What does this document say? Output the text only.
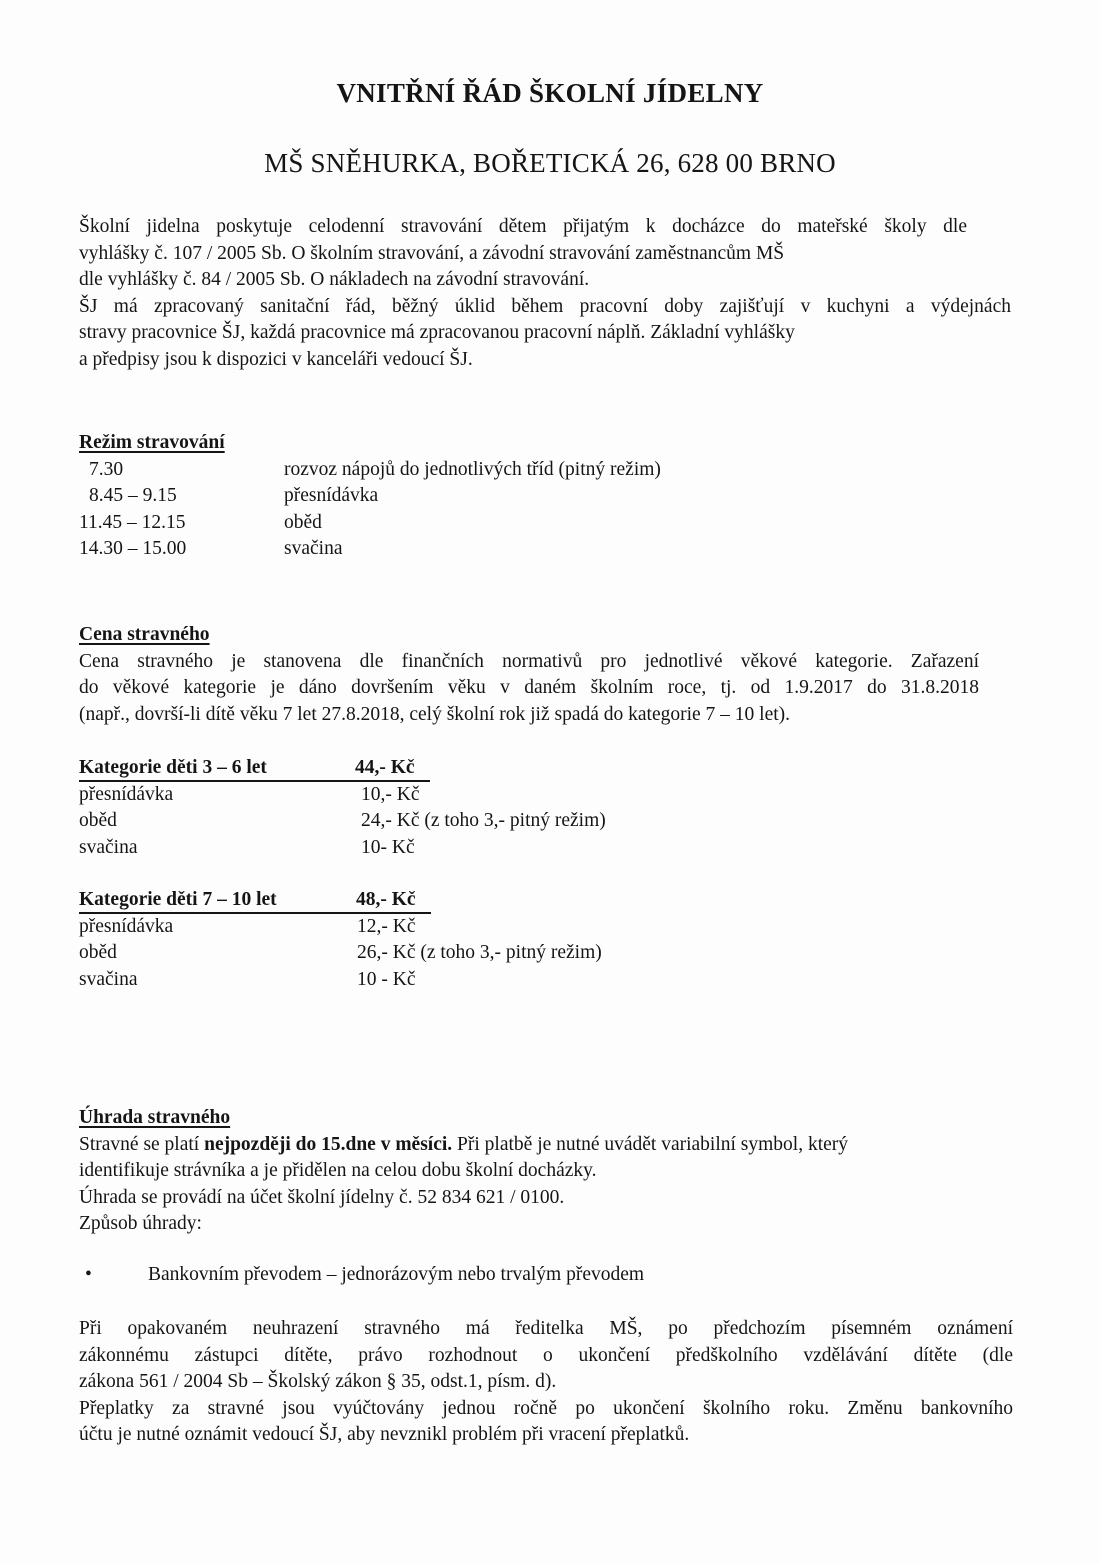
VNITŘNÍ ŘÁD ŠKOLNÍ JÍDELNY
MŠ SNĚHURKA, BOŘETICKÁ 26, 628 00 BRNO

Školní jidelna poskytuje celodenní stravování dětem přijatým k docházce do mateřské školy dle

vyhlášky č. 107 / 2005 Sb. O školním stravování, a závodní stravování zaměstnancům MŠ

dle vyhlášky č. 84 / 2005 Sb. O nákladech na závodní stravování.

ŠJ má zpracovaný sanitační řád, běžný úklid během pracovní doby zajišťují v kuchyni a výdejnách

stravy pracovnice ŠJ, každá pracovnice má zpracovanou pracovní náplň. Základní vyhlášky

a předpisy jsou k dispozici v kanceláři vedoucí ŠJ.

Režim stravování
7.30	rozvoz nápojů do jednotlivých tříd (pitný režim)
8.45 – 9.15	přesnídávka
11.45 – 12.15	oběd
14.30 – 15.00	svačina
Cena stravného

Cena stravného je stanovena dle finančních normativů pro jednotlivé věkové kategorie. Zařazení

do věkové kategorie je dáno dovršením věku v daném školním roce, tj. od 1.9.2017 do 31.8.2018

(např., dovrší-li dítě věku 7 let 27.8.2018, celý školní rok již spadá do kategorie 7 – 10 let).

Kategorie děti 3 – 6 let	44,- Kč
přesnídávka	10,- Kč
oběd	24,- Kč (z toho 3,- pitný režim)
svačina	10- Kč
Kategorie děti 7 – 10 let	48,- Kč
přesnídávka	12,- Kč
oběd	26,- Kč (z toho 3,- pitný režim)
svačina	10 - Kč
Úhrada stravného
Stravné se platí nejpozději do 15.dne v měsíci. Při platbě je nutné uvádět variabilní symbol, který
identifikuje strávníka a je přidělen na celou dobu školní docházky.
Úhrada se provádí na účet školní jídelny č. 52 834 621 / 0100.
Způsob úhrady:
•	Bankovním převodem – jednorázovým nebo trvalým převodem

Při opakovaném neuhrazení stravného má ředitelka MŠ, po předchozím písemném oznámení

zákonnému zástupci dítěte, právo rozhodnout o ukončení předškolního vzdělávání dítěte (dle

zákona 561 / 2004 Sb – Školský zákon § 35, odst.1, písm. d).

Přeplatky za stravné jsou vyúčtovány jednou ročně po ukončení školního roku. Změnu bankovního

účtu je nutné oznámit vedoucí ŠJ, aby nevznikl problém při vracení přeplatků.
